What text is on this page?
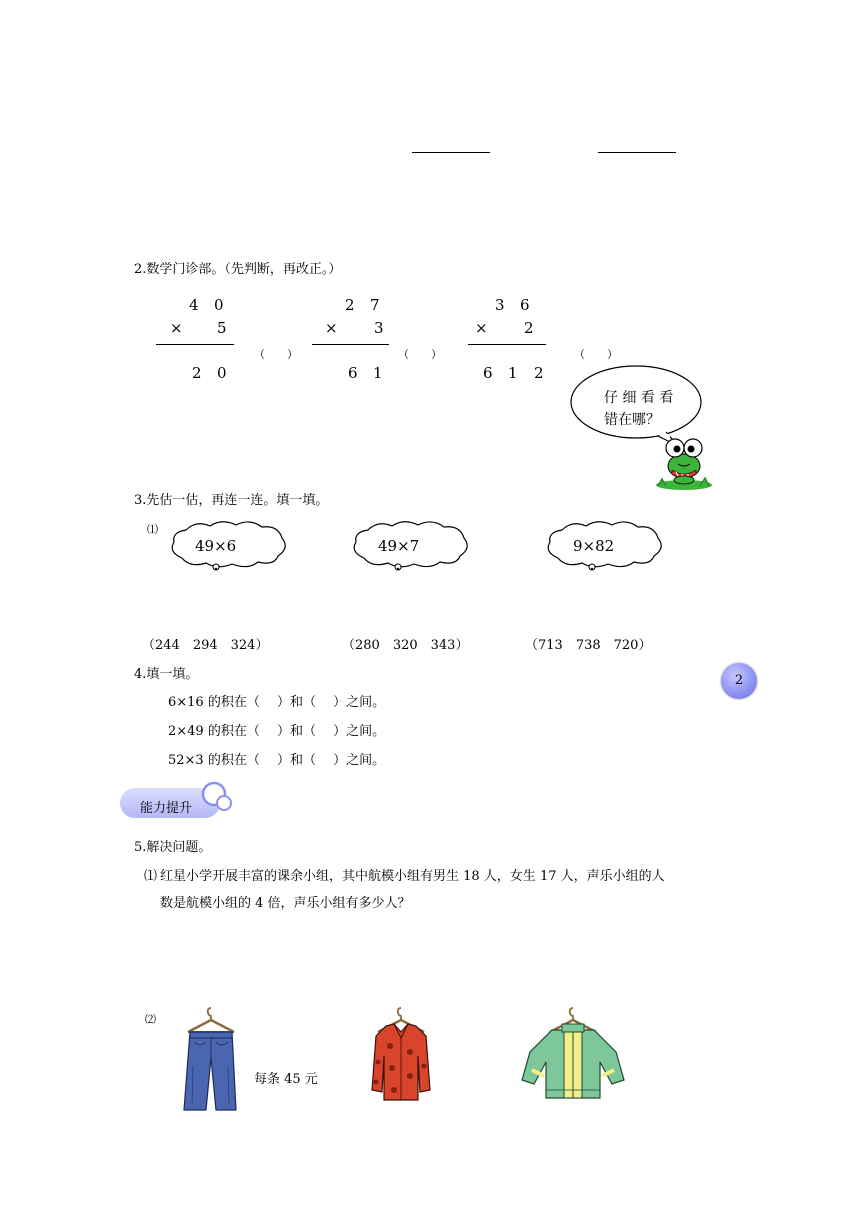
2.数学门诊部。（先判断，再改正。）
4 0
× 5
2 0
（　　）
2 7
× 3
6 1
（　　）
3 6
× 2
6 1 2
（　　）
仔 细 看 看
错在哪？
3.先估一估，再连一连。填一填。
⑴
49×6	49×7	9×82
（244　294　324）	（280　320　343）	（713　738　720）
2
4.填一填。
6×16 的积在（　 ）和（　 ）之间。
2×49 的积在（　 ）和（　 ）之间。
52×3 的积在（　 ）和（　 ）之间。
能力提升
5.解决问题。
⑴ 红星小学开展丰富的课余小组，其中航模小组有男生 18 人，女生 17 人，声乐小组的人
数是航模小组的 4 倍，声乐小组有多少人？
⑵
每条 45 元
